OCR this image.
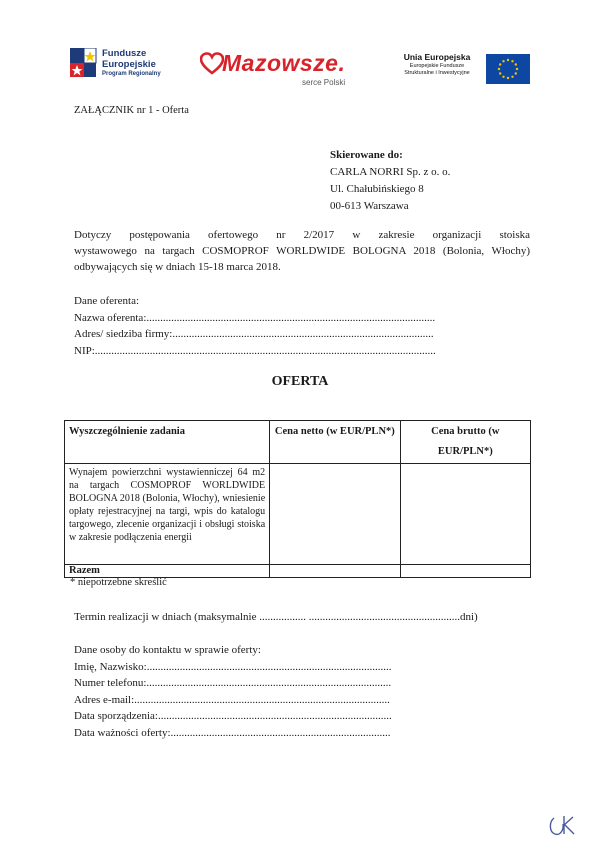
Fundusze
Europejskie
Program Regionalny	Mazowsze.
serce Polski
Unia Europejska
Europejskie Fundusze
Strukturalne i Inwestycyjne
ZAŁĄCZNIK nr 1 - Oferta
Skierowane do:
CARLA NORRI Sp. z o. o.
Ul. Chałubińskiego 8
00-613 Warszawa
Dotyczy postępowania ofertowego nr 2/2017 w zakresie organizacji stoiska
wystawowego na targach COSMOPROF WORLDWIDE BOLOGNA 2018 (Bolonia, Włochy)
odbywających się w dniach 15-18 marca 2018.
Dane oferenta:
Nazwa oferenta:.........................................................................................................
Adres/ siedziba firmy:...............................................................................................
NIP:............................................................................................................................
OFERTA
Wyszczególnienie zadania	Cena netto (w EUR/PLN*)	Cena brutto (w EUR/PLN*)
Wynajem powierzchni wystawienniczej 64 m2 na targach COSMOPROF WORLDWIDE BOLOGNA 2018 (Bolonia, Włochy), wniesienie opłaty rejestracyjnej na targi, wpis do katalogu targowego, zlecenie organizacji i obsługi stoiska w zakresie podłączenia energii		
Razem		
* niepotrzebne skreślić
Termin realizacji w dniach (maksymalnie ................. .......................................................dni)
Dane osoby do kontaktu w sprawie oferty:
Imię, Nazwisko:.........................................................................................
Numer telefonu:.........................................................................................
Adres e-mail:.............................................................................................
Data sporządzenia:.....................................................................................
Data ważności oferty:................................................................................
